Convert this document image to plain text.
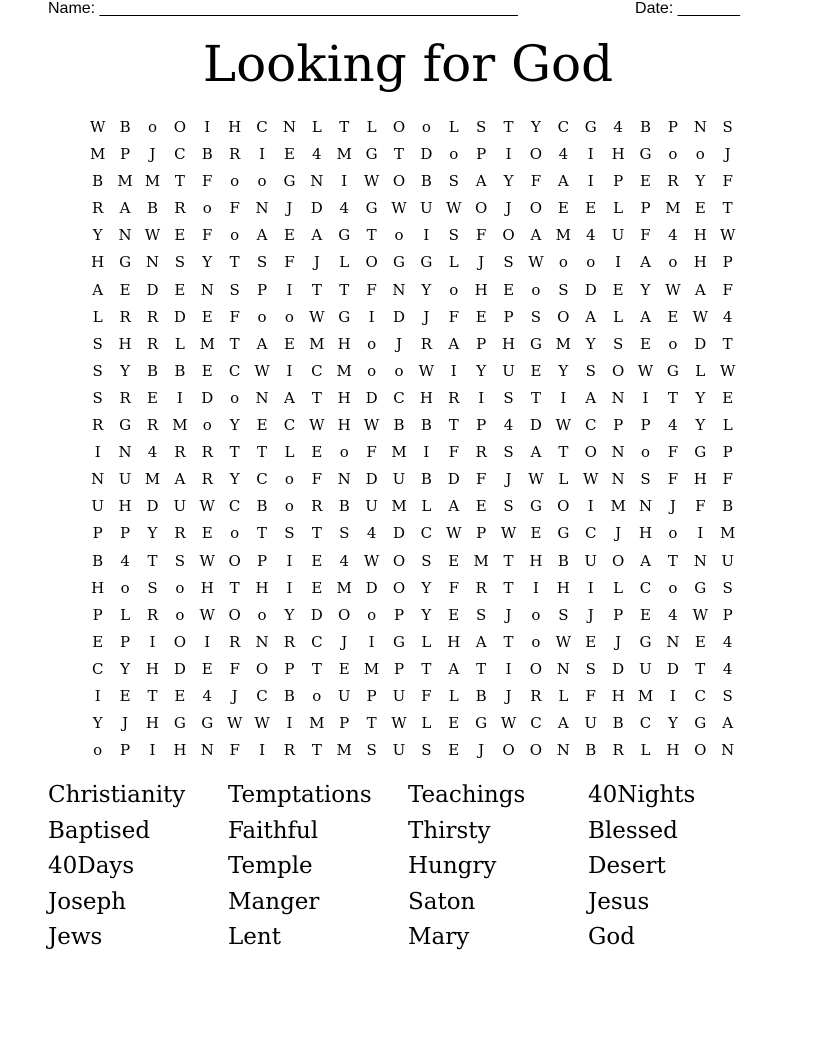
Name: _______________________________________________	Date: _______
Looking for God
W B	o	O	I	H	C	N	L	T	L	O	o	L	S	T	Y	C	G	4	B	P	N	S
M P	J	C	B	R	I	E	4 M G	T	D	o	P	I	O	4	I	H G	o	o	J
B M M T	F	o	o	G N	I	W O	B	S	A	Y	F	A	I	P	E	R	Y	F
R	A	B	R	o	F	N	J	D	4	G W U W O	J	O	E	E	L	P M E	T
Y	N W E	F	o	A	E	A	G	T	o	I	S	F	O	A M 4	U	F	4	H W
H G N	S	Y	T	S	F	J	L	O	G	G	L	J	S W	o	o	I	A	o	H	P
A	E	D	E	N	S	P	I	T	T	F	N	Y	o	H	E	o	S	D	E	Y W A	F
L	R	R	D	E	F	o	o	W G	I	D	J	F	E	P	S	O	A	L	A	E W 4
S	H	R	L M T	A	E M H	o	J	R	A	P	H G M Y	S	E	o	D	T
S	Y	B	B	E	C W	I	C M	o	o	W	I	Y	U	E	Y	S	O W G	L W
S	R	E	I	D	o	N	A	T	H D	C	H	R	I	S	T	I	A	N	I	T	Y	E
R	G	R M	o	Y	E	C W H W B	B	T	P	4	D W C	P	P	4	Y	L
I	N	4	R	R	T	T	L	E	o	F M	I	F	R	S	A	T	O N	o	F	G	P
N U M A	R	Y	C	o	F	N D	U	B	D	F	J	W L W N	S	F	H	F
U H D	U W C	B	o	R	B	U M L	A	E	S	G	O	I	M N	J	F	B
P	P	Y	R	E	o	T	S	T	S	4	D	C W P W E	G	C	J	H	o	I	M
B	4	T	S W O	P	I	E	4 W O	S	E M T	H	B	U O	A	T	N U
H	o	S	o	H	T	H	I	E M D	O	Y	F	R	T	I	H	I	L	C	o	G	S
P	L	R	o	W O	o	Y	D	O	o	P	Y	E	S	J	o	S	J	P	E	4 W P
E	P	I	O	I	R	N	R	C	J	I	G	L	H	A	T	o	W E	J	G N	E	4
C	Y	H D	E	F	O	P	T	E M P	T	A	T	I	O N	S	D	U	D	T	4
I	E	T	E	4	J	C	B	o	U	P	U	F	L	B	J	R	L	F	H M	I	C	S
Y	J	H G	G W W	I	M P	T W L	E	G W C	A	U	B	C	Y	G	A
o	P	I	H N	F	I	R	T M S	U	S	E	J	O	O N	B	R	L	H O N
Christianity	Temptations	Teachings	40Nights
Baptised	Faithful	Thirsty	Blessed
40Days	Temple	Hungry	Desert
Joseph	Manger	Saton	Jesus
Jews	Lent	Mary	God
